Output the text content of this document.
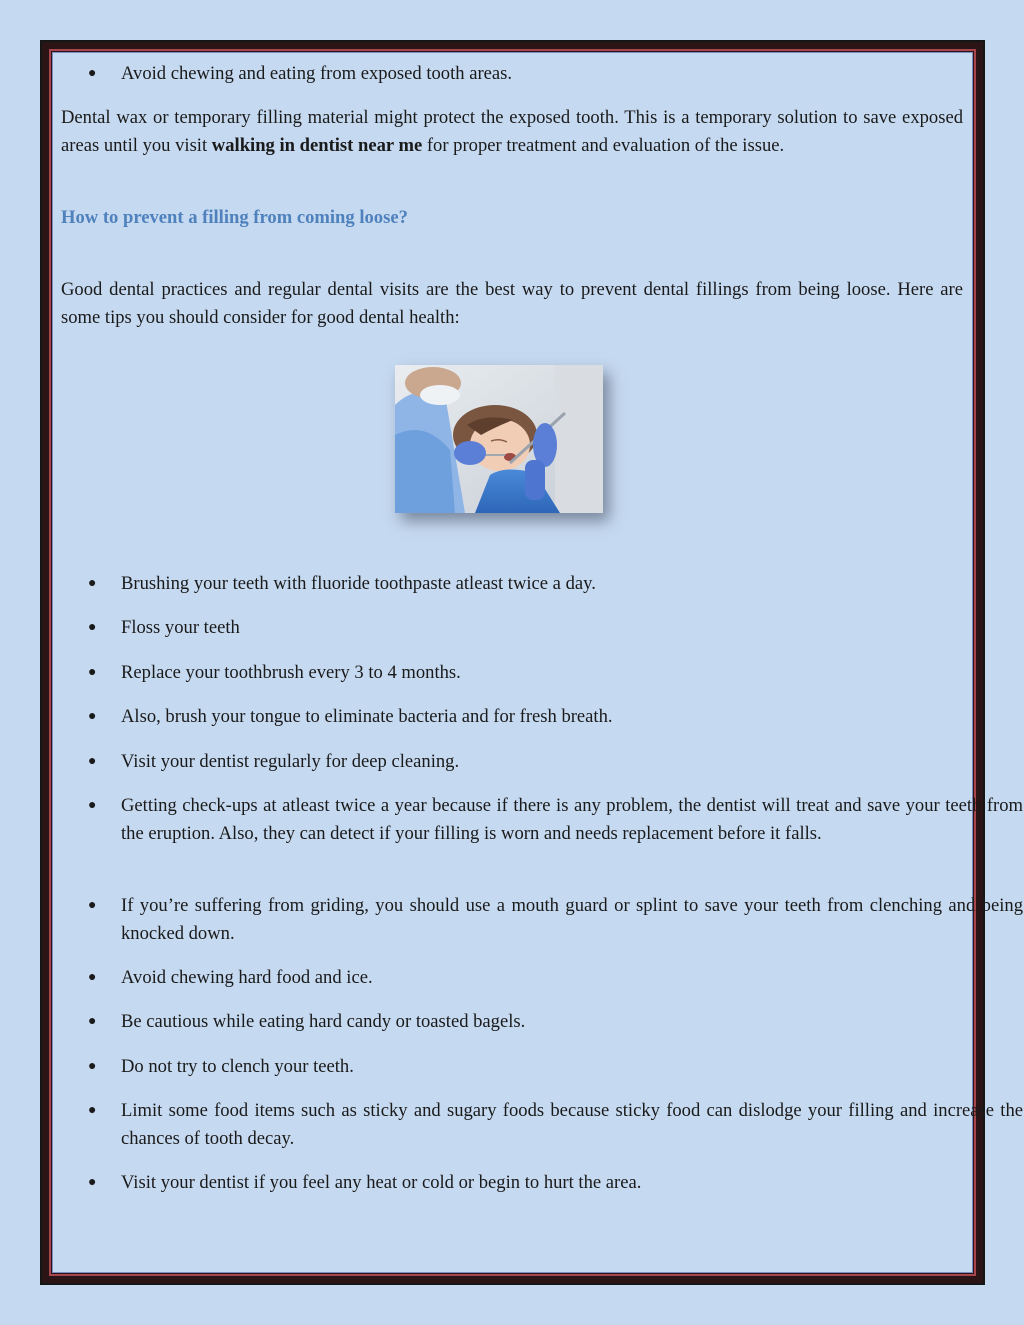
● Avoid chewing and eating from exposed tooth areas.

Dental wax or temporary filling material might protect the exposed tooth. This is a temporary solution to save exposed areas until you visit walking in dentist near me for proper treatment and evaluation of the issue.

How to prevent a filling from coming loose?

Good dental practices and regular dental visits are the best way to prevent dental fillings from being loose. Here are some tips you should consider for good dental health:

● Brushing your teeth with fluoride toothpaste atleast twice a day.
● Floss your teeth
● Replace your toothbrush every 3 to 4 months.
● Also, brush your tongue to eliminate bacteria and for fresh breath.
● Visit your dentist regularly for deep cleaning.
● Getting check-ups at atleast twice a year because if there is any problem, the dentist will treat and save your teeth from the eruption. Also, they can detect if your filling is worn and needs replacement before it falls.
● If you’re suffering from griding, you should use a mouth guard or splint to save your teeth from clenching and being knocked down.
● Avoid chewing hard food and ice.
● Be cautious while eating hard candy or toasted bagels.
● Do not try to clench your teeth.
● Limit some food items such as sticky and sugary foods because sticky food can dislodge your filling and increase the chances of tooth decay.
● Visit your dentist if you feel any heat or cold or begin to hurt the area.
